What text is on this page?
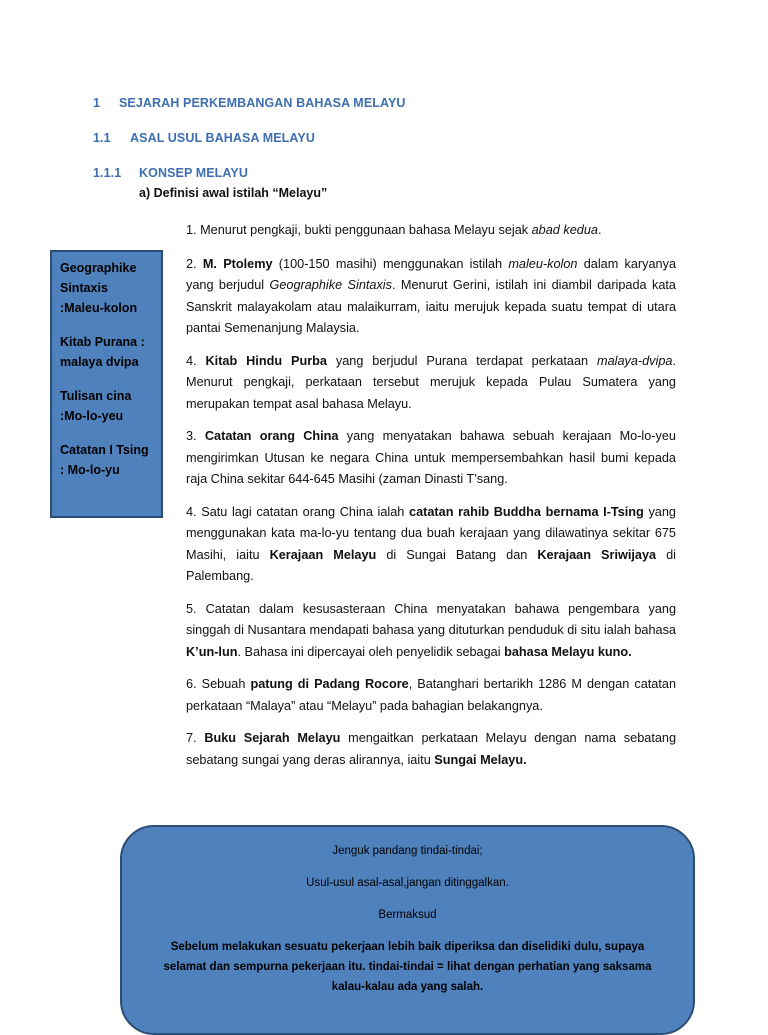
1 SEJARAH PERKEMBANGAN BAHASA MELAYU
1.1 ASAL USUL BAHASA MELAYU
1.1.1 KONSEP MELAYU
a) Definisi awal istilah “Melayu”
Geographike
Sintaxis
:Maleu-kolon
Kitab Purana :
malaya dvipa
Tulisan cina
:Mo-lo-yeu
Catatan I Tsing
: Mo-lo-yu

1. Menurut pengkaji, bukti penggunaan bahasa Melayu sejak abad kedua.

2. M. Ptolemy (100-150 masihi) menggunakan istilah maleu-kolon dalam karyanya yang berjudul Geographike Sintaxis. Menurut Gerini, istilah ini diambil daripada kata Sanskrit malayakolam atau malaikurram, iaitu merujuk kepada suatu tempat di utara pantai Semenanjung Malaysia.

4. Kitab Hindu Purba yang berjudul Purana terdapat perkataan malaya-dvipa. Menurut pengkaji, perkataan tersebut merujuk kepada Pulau Sumatera yang merupakan tempat asal bahasa Melayu.

3. Catatan orang China yang menyatakan bahawa sebuah kerajaan Mo-lo-yeu mengirimkan Utusan ke negara China untuk mempersembahkan hasil bumi kepada raja China sekitar 644-645 Masihi (zaman Dinasti T’sang.

4. Satu lagi catatan orang China ialah catatan rahib Buddha bernama I-Tsing yang menggunakan kata ma-lo-yu tentang dua buah kerajaan yang dilawatinya sekitar 675 Masihi, iaitu Kerajaan Melayu di Sungai Batang dan Kerajaan Sriwijaya di Palembang.

5. Catatan dalam kesusasteraan China menyatakan bahawa pengembara yang singgah di Nusantara mendapati bahasa yang dituturkan penduduk di situ ialah bahasa K’un-lun. Bahasa ini dipercayai oleh penyelidik sebagai bahasa Melayu kuno.

6. Sebuah patung di Padang Rocore, Batanghari bertarikh 1286 M dengan catatan perkataan “Malaya” atau “Melayu” pada bahagian belakangnya.

7. Buku Sejarah Melayu mengaitkan perkataan Melayu dengan nama sebatang sebatang sungai yang deras alirannya, iaitu Sungai Melayu.

Jenguk pandang tindai-tindai;
Usul-usul asal-asal,jangan ditinggalkan.
Bermaksud
Sebelum melakukan sesuatu pekerjaan lebih baik diperiksa dan diselidiki dulu, supaya selamat dan sempurna pekerjaan itu. tindai-tindai = lihat dengan perhatian yang saksama kalau-kalau ada yang salah.
